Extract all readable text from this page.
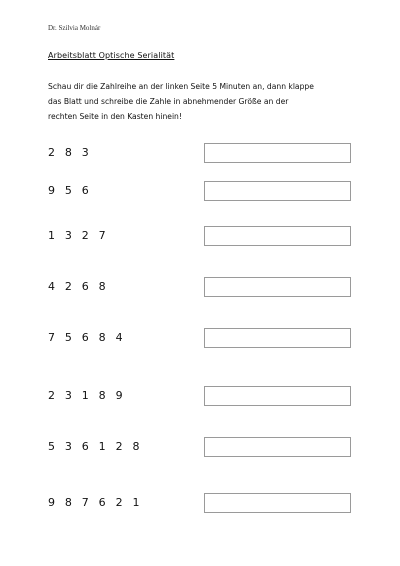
Dr. Szilvia Molnár
Arbeitsblatt Optische Serialität

Schau dir die Zahlreihe an der linken Seite 5 Minuten an, dann klappe
das Blatt und schreibe die Zahle in abnehmender Größe an der
rechten Seite in den Kasten hinein!

2 8 3
9 5 6
1 3 2 7
4 2 6 8
7 5 6 8 4
2 3 1 8 9
5 3 6 1 2 8
9 8 7 6 2 1
